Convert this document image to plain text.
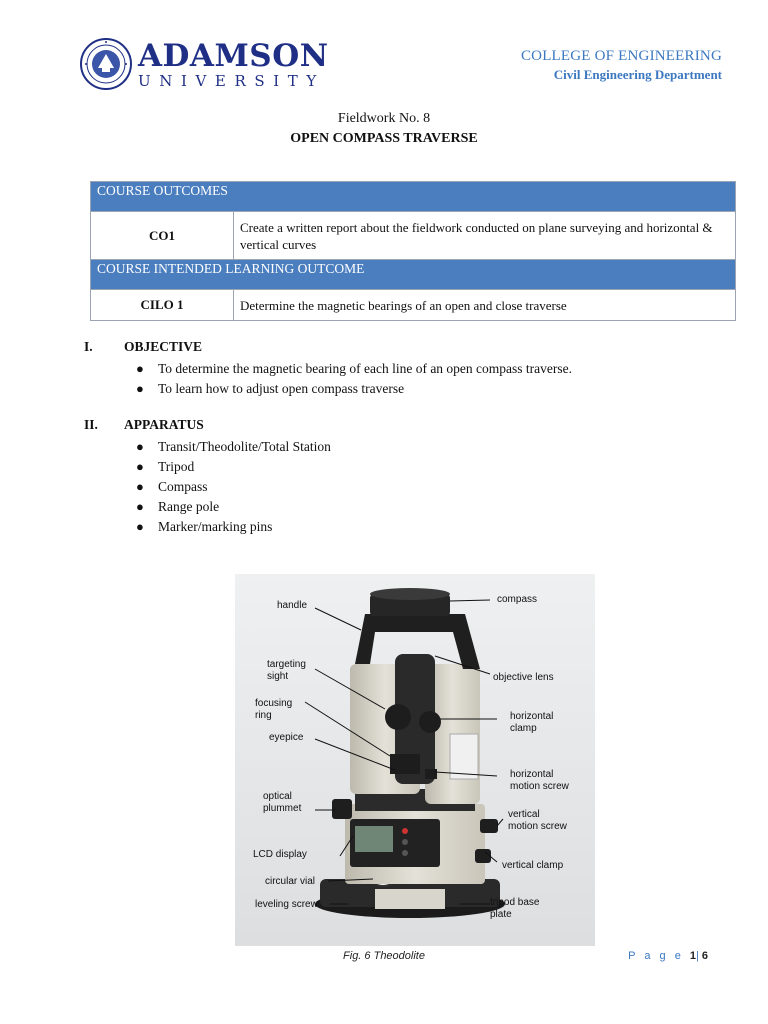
ADAMSON
UNIVERSITY
COLLEGE OF ENGINEERING
Civil Engineering Department
Fieldwork No. 8
OPEN COMPASS TRAVERSE
COURSE OUTCOMES	
CO1	Create a written report about the fieldwork conducted on plane surveying and horizontal & vertical curves
COURSE INTENDED LEARNING OUTCOME	
CILO 1	Determine the magnetic bearings of an open and close traverse
I. OBJECTIVE
● To determine the magnetic bearing of each line of an open compass traverse.
● To learn how to adjust open compass traverse
II. APPARATUS
● Transit/Theodolite/Total Station
● Tripod
● Compass
● Range pole
● Marker/marking pins
compass
handle
targeting
sight	objective lens
focusing
ring	horizontal
clamp
eyepice
horizontal
motion screw
optical
plummet
vertical
motion screw
LCD display
vertical clamp
circular vial
tripod base
plate
leveling screw
Fig. 6 Theodolite	P a g e 1|6
